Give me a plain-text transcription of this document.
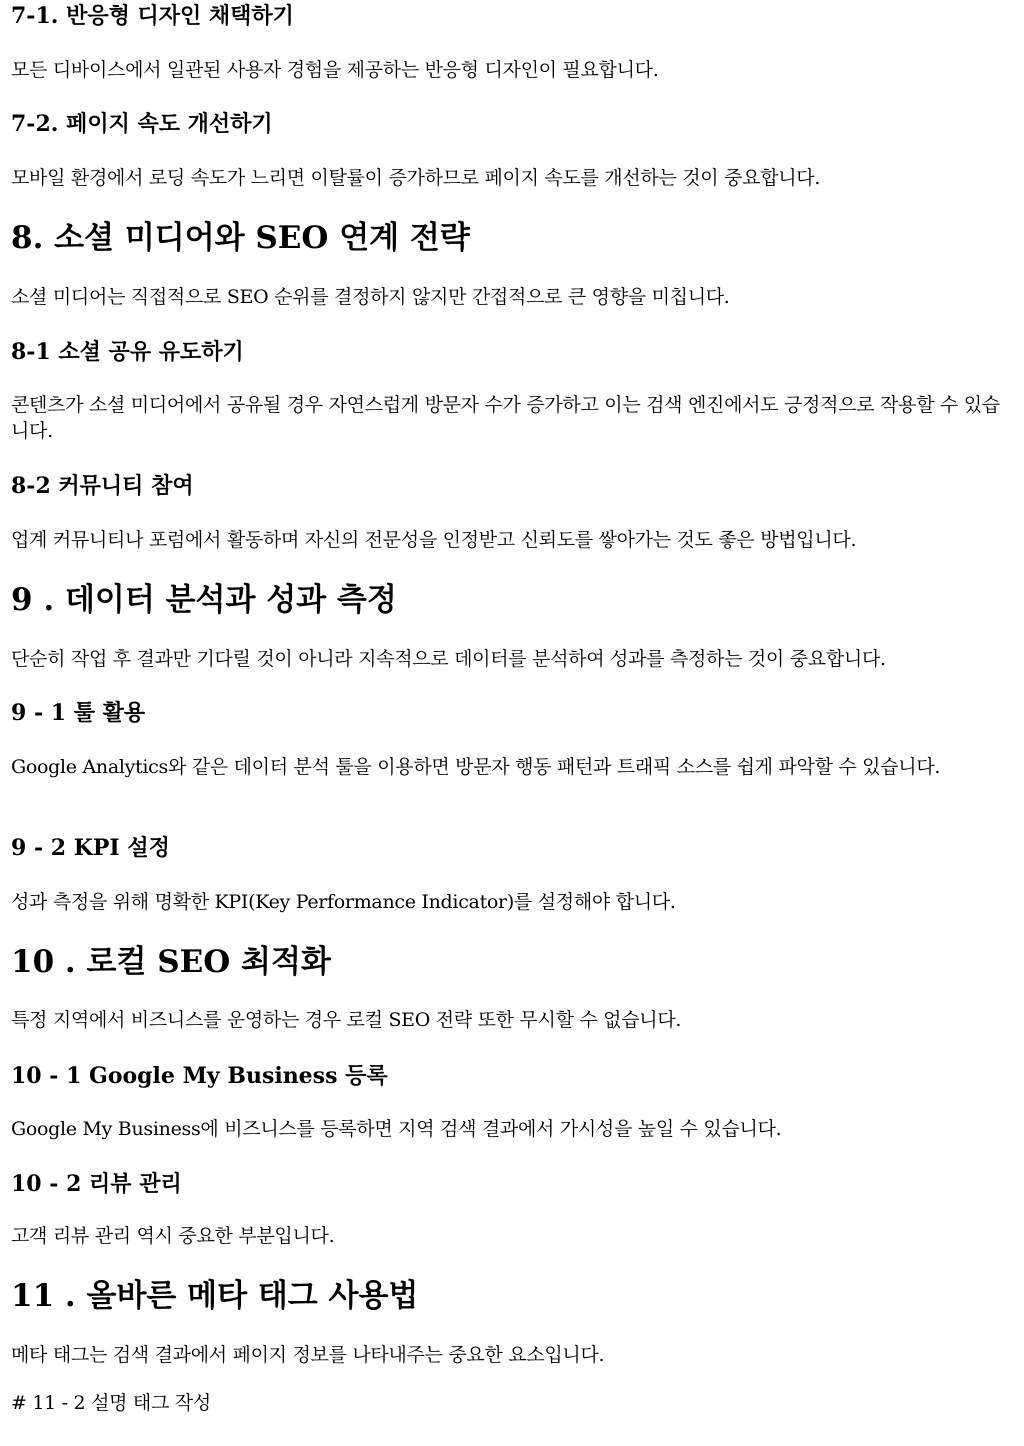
7-1. 반응형 디자인 채택하기

모든 디바이스에서 일관된 사용자 경험을 제공하는 반응형 디자인이 필요합니다.

7-2. 페이지 속도 개선하기

모바일 환경에서 로딩 속도가 느리면 이탈률이 증가하므로 페이지 속도를 개선하는 것이 중요합니다.

8. 소셜 미디어와 SEO 연계 전략

소셜 미디어는 직접적으로 SEO 순위를 결정하지 않지만 간접적으로 큰 영향을 미칩니다.

8-1 소셜 공유 유도하기

콘텐츠가 소셜 미디어에서 공유될 경우 자연스럽게 방문자 수가 증가하고 이는 검색 엔진에서도 긍정적으로 작용할 수 있습니다.

8-2 커뮤니티 참여

업계 커뮤니티나 포럼에서 활동하며 자신의 전문성을 인정받고 신뢰도를 쌓아가는 것도 좋은 방법입니다.

9 . 데이터 분석과 성과 측정

단순히 작업 후 결과만 기다릴 것이 아니라 지속적으로 데이터를 분석하여 성과를 측정하는 것이 중요합니다.

9 - 1 툴 활용

Google Analytics와 같은 데이터 분석 툴을 이용하면 방문자 행동 패턴과 트래픽 소스를 쉽게 파악할 수 있습니다.

9 - 2 KPI 설정

성과 측정을 위해 명확한 KPI(Key Performance Indicator)를 설정해야 합니다.

10 . 로컬 SEO 최적화

특정 지역에서 비즈니스를 운영하는 경우 로컬 SEO 전략 또한 무시할 수 없습니다.

10 - 1 Google My Business 등록

Google My Business에 비즈니스를 등록하면 지역 검색 결과에서 가시성을 높일 수 있습니다.

10 - 2 리뷰 관리

고객 리뷰 관리 역시 중요한 부분입니다.

11 . 올바른 메타 태그 사용법

메타 태그는 검색 결과에서 페이지 정보를 나타내주는 중요한 요소입니다.

# 11 - 2 설명 태그 작성
